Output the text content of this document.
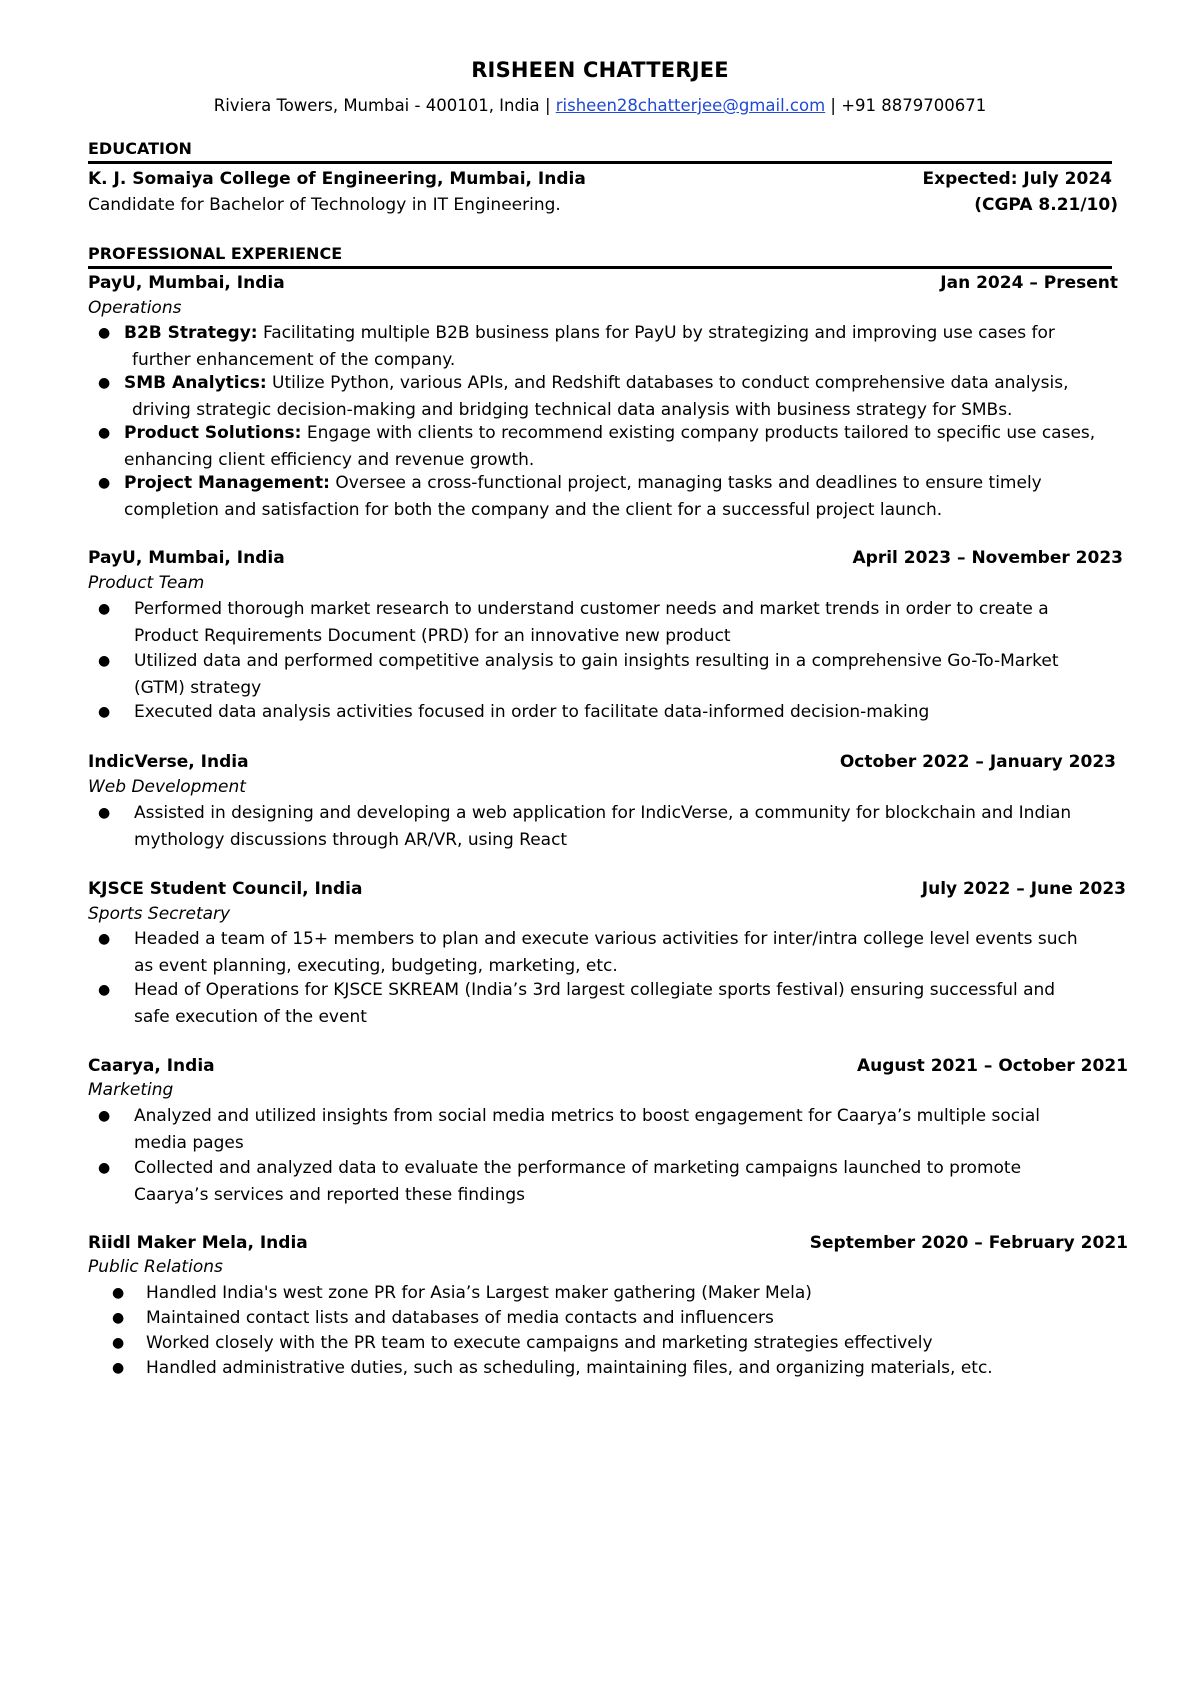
RISHEEN CHATTERJEE
Riviera Towers, Mumbai - 400101, India | risheen28chatterjee@gmail.com | +91 8879700671
EDUCATION
K. J. Somaiya College of Engineering, Mumbai, India	Expected: July 2024
Candidate for Bachelor of Technology in IT Engineering.	(CGPA 8.21/10)
PROFESSIONAL EXPERIENCE
PayU, Mumbai, India	Jan 2024 – Present
Operations
● B2B Strategy: Facilitating multiple B2B business plans for PayU by strategizing and improving use cases for
further enhancement of the company.
● SMB Analytics: Utilize Python, various APIs, and Redshift databases to conduct comprehensive data analysis,
driving strategic decision-making and bridging technical data analysis with business strategy for SMBs.
● Product Solutions: Engage with clients to recommend existing company products tailored to specific use cases,
enhancing client efficiency and revenue growth.
● Project Management: Oversee a cross-functional project, managing tasks and deadlines to ensure timely
completion and satisfaction for both the company and the client for a successful project launch.
PayU, Mumbai, India	April 2023 – November 2023
Product Team
● Performed thorough market research to understand customer needs and market trends in order to create a
Product Requirements Document (PRD) for an innovative new product
● Utilized data and performed competitive analysis to gain insights resulting in a comprehensive Go-To-Market
(GTM) strategy
● Executed data analysis activities focused in order to facilitate data-informed decision-making
IndicVerse, India	October 2022 – January 2023
Web Development
● Assisted in designing and developing a web application for IndicVerse, a community for blockchain and Indian
mythology discussions through AR/VR, using React
KJSCE Student Council, India	July 2022 – June 2023
Sports Secretary
● Headed a team of 15+ members to plan and execute various activities for inter/intra college level events such
as event planning, executing, budgeting, marketing, etc.
● Head of Operations for KJSCE SKREAM (India’s 3rd largest collegiate sports festival) ensuring successful and
safe execution of the event
Caarya, India	August 2021 – October 2021
Marketing
● Analyzed and utilized insights from social media metrics to boost engagement for Caarya’s multiple social
media pages
● Collected and analyzed data to evaluate the performance of marketing campaigns launched to promote
Caarya’s services and reported these findings
Riidl Maker Mela, India	September 2020 – February 2021
Public Relations
● Handled India's west zone PR for Asia’s Largest maker gathering (Maker Mela)
● Maintained contact lists and databases of media contacts and influencers
● Worked closely with the PR team to execute campaigns and marketing strategies effectively
● Handled administrative duties, such as scheduling, maintaining files, and organizing materials, etc.
